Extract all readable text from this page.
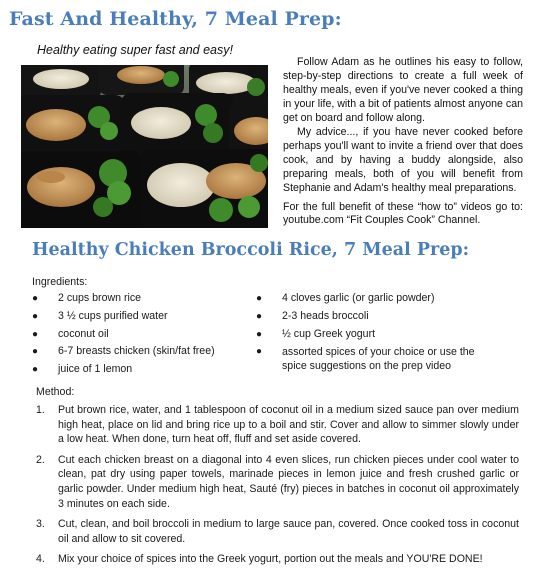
Fast And Healthy, 7 Meal Prep:
Healthy eating super fast and easy!

Follow Adam as he outlines his easy to follow, step-by-step directions to create a full week of healthy meals, even if you've never cooked a thing in your life, with a bit of patients almost anyone can get on board and follow along.

My advice..., if you have never cooked before perhaps you'll want to invite a friend over that does cook, and by having a buddy alongside, also preparing meals, both of you will benefit from Stephanie and Adam's healthy meal preparations.

For the full benefit of these “how to” videos go to: youtube.com “Fit Couples Cook” Channel.

Healthy Chicken Broccoli Rice, 7 Meal Prep:
Ingredients:
● 2 cups brown rice
● 3 ½ cups purified water
● coconut oil
● 6-7 breasts chicken (skin/fat free)
● juice of 1 lemon
● 4 cloves garlic (or garlic powder)
● 2-3 heads broccoli
● ½ cup Greek yogurt
● assorted spices of your choice or use the
spice suggestions on the prep video
Method:
1. Put brown rice, water, and 1 tablespoon of coconut oil in a medium sized sauce pan over medium high heat, place on lid and bring rice up to a boil and stir. Cover and allow to simmer slowly under a low heat. When done, turn heat off, fluff and set aside covered.
2. Cut each chicken breast on a diagonal into 4 even slices, run chicken pieces under cool water to clean, pat dry using paper towels, marinade pieces in lemon juice and fresh crushed garlic or garlic powder. Under medium high heat, Sauté (fry) pieces in batches in coconut oil approximately 3 minutes on each side.
3. Cut, clean, and boil broccoli in medium to large sauce pan, covered. Once cooked toss in coconut oil and allow to sit covered.
4. Mix your choice of spices into the Greek yogurt, portion out the meals and YOU'RE DONE!
